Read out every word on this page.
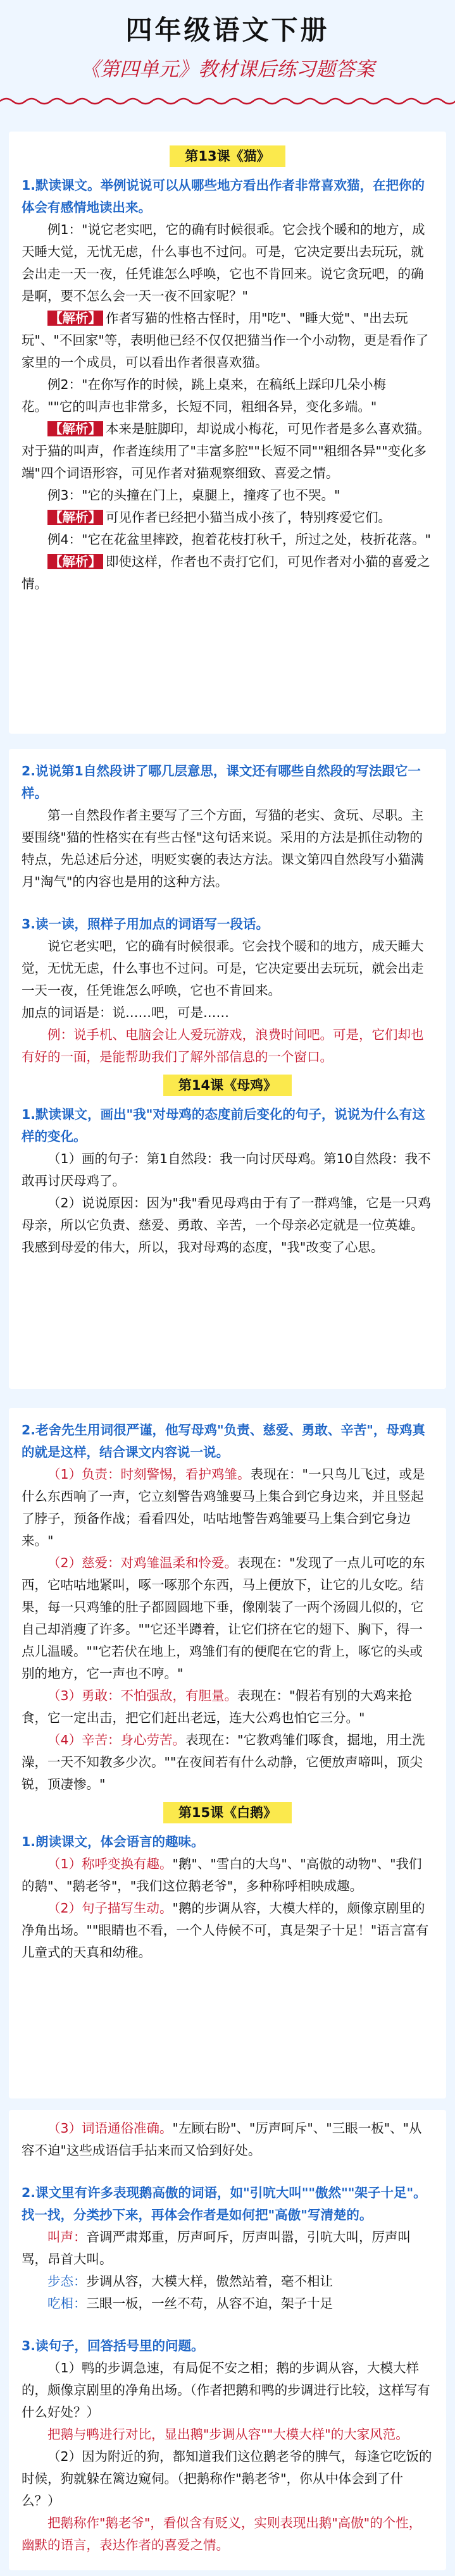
四年级语文下册
《第四单元》教材课后练习题答案
第13课《猫》

1.默读课文。举例说说可以从哪些地方看出作者非常喜欢猫，在把你的体会有感情地读出来。

例1："说它老实吧，它的确有时候很乖。它会找个暖和的地方，成天睡大觉，无忧无虑，什么事也不过问。可是，它决定要出去玩玩，就会出走一天一夜，任凭谁怎么呼唤，它也不肯回来。说它贪玩吧，的确是啊，要不怎么会一天一夜不回家呢？"

【解析】 作者写猫的性格古怪时，用"吃"、"睡大觉"、"出去玩玩"、"不回家"等，表明他已经不仅仅把猫当作一个小动物，更是看作了家里的一个成员，可以看出作者很喜欢猫。

例2："在你写作的时候，跳上桌来，在稿纸上踩印几朵小梅花。""它的叫声也非常多，长短不同，粗细各异，变化多端。"

【解析】 本来是脏脚印，却说成小梅花，可见作者是多么喜欢猫。对于猫的叫声，作者连续用了"丰富多腔""长短不同""粗细各异""变化多端"四个词语形容，可见作者对猫观察细致、喜爱之情。

例3："它的头撞在门上，桌腿上，撞疼了也不哭。"

【解析】 可见作者已经把小猫当成小孩了，特别疼爱它们。

例4："它在花盆里摔跤，抱着花枝打秋千，所过之处，枝折花落。"

【解析】 即使这样，作者也不责打它们，可见作者对小猫的喜爱之情。

2.说说第1自然段讲了哪几层意思，课文还有哪些自然段的写法跟它一样。

第一自然段作者主要写了三个方面，写猫的老实、贪玩、尽职。主要围绕"猫的性格实在有些古怪"这句话来说。采用的方法是抓住动物的特点，先总述后分述，明贬实褒的表达方法。课文第四自然段写小猫满月"淘气"的内容也是用的这种方法。

3.读一读，照样子用加点的词语写一段话。

说它老实吧，它的确有时候很乖。它会找个暖和的地方，成天睡大觉，无忧无虑，什么事也不过问。可是，它决定要出去玩玩，就会出走一天一夜，任凭谁怎么呼唤，它也不肯回来。

加点的词语是：说……吧，可是……

例：说手机、电脑会让人爱玩游戏，浪费时间吧。可是，它们却也有好的一面，是能帮助我们了解外部信息的一个窗口。

第14课《母鸡》

1.默读课文，画出"我"对母鸡的态度前后变化的句子，说说为什么有这样的变化。

（1）画的句子：第1自然段：我一向讨厌母鸡。第10自然段：我不敢再讨厌母鸡了。

（2）说说原因：因为"我"看见母鸡由于有了一群鸡雏，它是一只鸡母亲，所以它负责、慈爱、勇敢、辛苦，一个母亲必定就是一位英雄。我感到母爱的伟大，所以，我对母鸡的态度，"我"改变了心思。

2.老舍先生用词很严谨，他写母鸡"负责、慈爱、勇敢、辛苦"，母鸡真的就是这样，结合课文内容说一说。

（1）负责：时刻警惕，看护鸡雏。表现在："一只鸟儿飞过，或是什么东西响了一声，它立刻警告鸡雏要马上集合到它身边来，并且竖起了脖子，预备作战；看看四处，咕咕地警告鸡雏要马上集合到它身边来。"

（2）慈爱：对鸡雏温柔和怜爱。表现在："发现了一点儿可吃的东西，它咕咕地紧叫，啄一啄那个东西，马上便放下，让它的儿女吃。结果，每一只鸡雏的肚子都圆圆地下垂，像刚装了一两个汤圆儿似的，它自己却消瘦了许多。""它还半蹲着，让它们挤在它的翅下、胸下，得一点儿温暖。""它若伏在地上，鸡雏们有的便爬在它的背上，啄它的头或别的地方，它一声也不哼。"

（3）勇敢：不怕强敌，有胆量。表现在："假若有别的大鸡来抢食，它一定出击，把它们赶出老远，连大公鸡也怕它三分。"

（4）辛苦：身心劳苦。表现在："它教鸡雏们啄食，掘地，用土洗澡，一天不知教多少次。""在夜间若有什么动静，它便放声啼叫，顶尖锐，顶凄惨。"

第15课《白鹅》

1.朗读课文，体会语言的趣味。

（1）称呼变换有趣。"鹅"、"雪白的大鸟"、"高傲的动物"、"我们的鹅"、"鹅老爷"，"我们这位鹅老爷"，多种称呼相映成趣。

（2）句子描写生动。"鹅的步调从容，大模大样的，颇像京剧里的净角出场。""眼睛也不看，一个人侍候不可，真是架子十足！"语言富有儿童式的天真和幼稚。

（3）词语通俗准确。"左顾右盼"、"厉声呵斥"、"三眼一板"、"从容不迫"这些成语信手拈来而又恰到好处。

2.课文里有许多表现鹅高傲的词语，如"引吭大叫""傲然""架子十足"。找一找，分类抄下来，再体会作者是如何把"高傲"写清楚的。

叫声：音调严肃郑重，厉声呵斥，厉声叫嚣，引吭大叫，厉声叫骂，昂首大叫。

步态：步调从容，大模大样，傲然站着，毫不相让

吃相：三眼一板，一丝不苟，从容不迫，架子十足

3.读句子，回答括号里的问题。

（1）鸭的步调急速，有局促不安之相；鹅的步调从容，大模大样的，颇像京剧里的净角出场。（作者把鹅和鸭的步调进行比较，这样写有什么好处？）

把鹅与鸭进行对比，显出鹅"步调从容""大模大样"的大家风范。

（2）因为附近的狗，都知道我们这位鹅老爷的脾气，每逢它吃饭的时候，狗就躲在篱边窥伺。（把鹅称作"鹅老爷"，你从中体会到了什么？）

把鹅称作"鹅老爷"，看似含有贬义，实则表现出鹅"高傲"的个性，幽默的语言，表达作者的喜爱之情。
